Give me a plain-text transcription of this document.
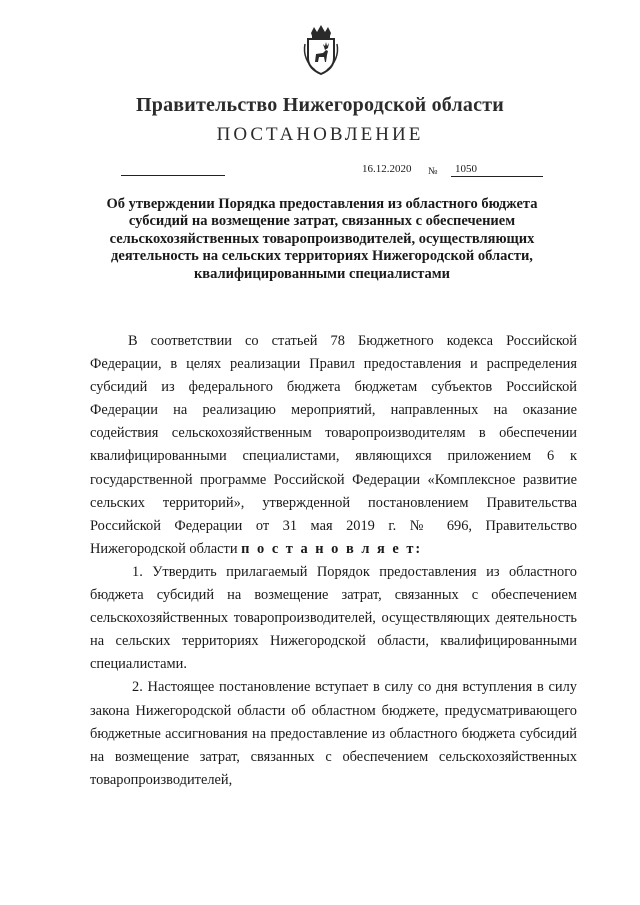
Правительство Нижегородской области
ПОСТАНОВЛЕНИЕ
16.12.2020 №	1050
Об утверждении Порядка предоставления из областного бюджета субсидий на возмещение затрат, связанных с обеспечением сельскохозяйственных товаропроизводителей, осуществляющих деятельность на сельских территориях Нижегородской области, квалифицированными специалистами

В соответствии со статьей 78 Бюджетного кодекса Российской Федерации, в целях реализации Правил предоставления и распределения субсидий из федерального бюджета бюджетам субъектов Российской Федерации на реализацию мероприятий, направленных на оказание содействия сельскохозяйственным товаропроизводителям в обеспечении квалифицированными специалистами, являющихся приложением 6 к государственной программе Российской Федерации «Комплексное развитие сельских территорий», утвержденной постановлением Правительства Российской Федерации от 31 мая 2019 г. № 696, Правительство Нижегородской области п о с т а н о в л я е т:

1. Утвердить прилагаемый Порядок предоставления из областного бюджета субсидий на возмещение затрат, связанных с обеспечением сельскохозяйственных товаропроизводителей, осуществляющих деятельность на сельских территориях Нижегородской области, квалифицированными специалистами.

2. Настоящее постановление вступает в силу со дня вступления в силу закона Нижегородской области об областном бюджете, предусматривающего бюджетные ассигнования на предоставление из областного бюджета субсидий на возмещение затрат, связанных с обеспечением сельскохозяйственных товаропроизводителей,
